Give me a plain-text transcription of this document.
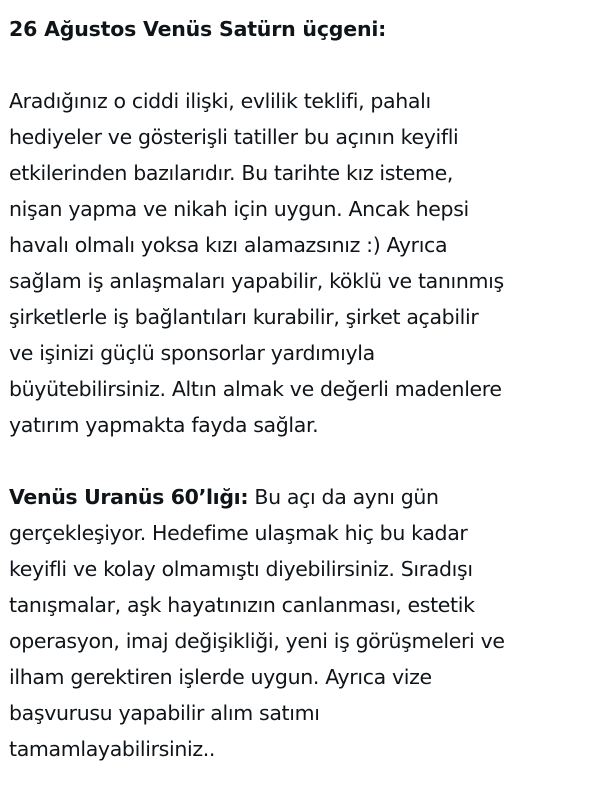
26 Ağustos Venüs Satürn üçgeni:

Aradığınız o ciddi ilişki, evlilik teklifi, pahalı
hediyeler ve gösterişli tatiller bu açının keyifli
etkilerinden bazılarıdır. Bu tarihte kız isteme,
nişan yapma ve nikah için uygun. Ancak hepsi
havalı olmalı yoksa kızı alamazsınız :) Ayrıca
sağlam iş anlaşmaları yapabilir, köklü ve tanınmış
şirketlerle iş bağlantıları kurabilir, şirket açabilir
ve işinizi güçlü sponsorlar yardımıyla
büyütebilirsiniz. Altın almak ve değerli madenlere
yatırım yapmakta fayda sağlar.

Venüs Uranüs 60’lığı: Bu açı da aynı gün
gerçekleşiyor. Hedefime ulaşmak hiç bu kadar
keyifli ve kolay olmamıştı diyebilirsiniz. Sıradışı
tanışmalar, aşk hayatınızın canlanması, estetik
operasyon, imaj değişikliği, yeni iş görüşmeleri ve
ilham gerektiren işlerde uygun. Ayrıca vize
başvurusu yapabilir alım satımı
tamamlayabilirsiniz..
